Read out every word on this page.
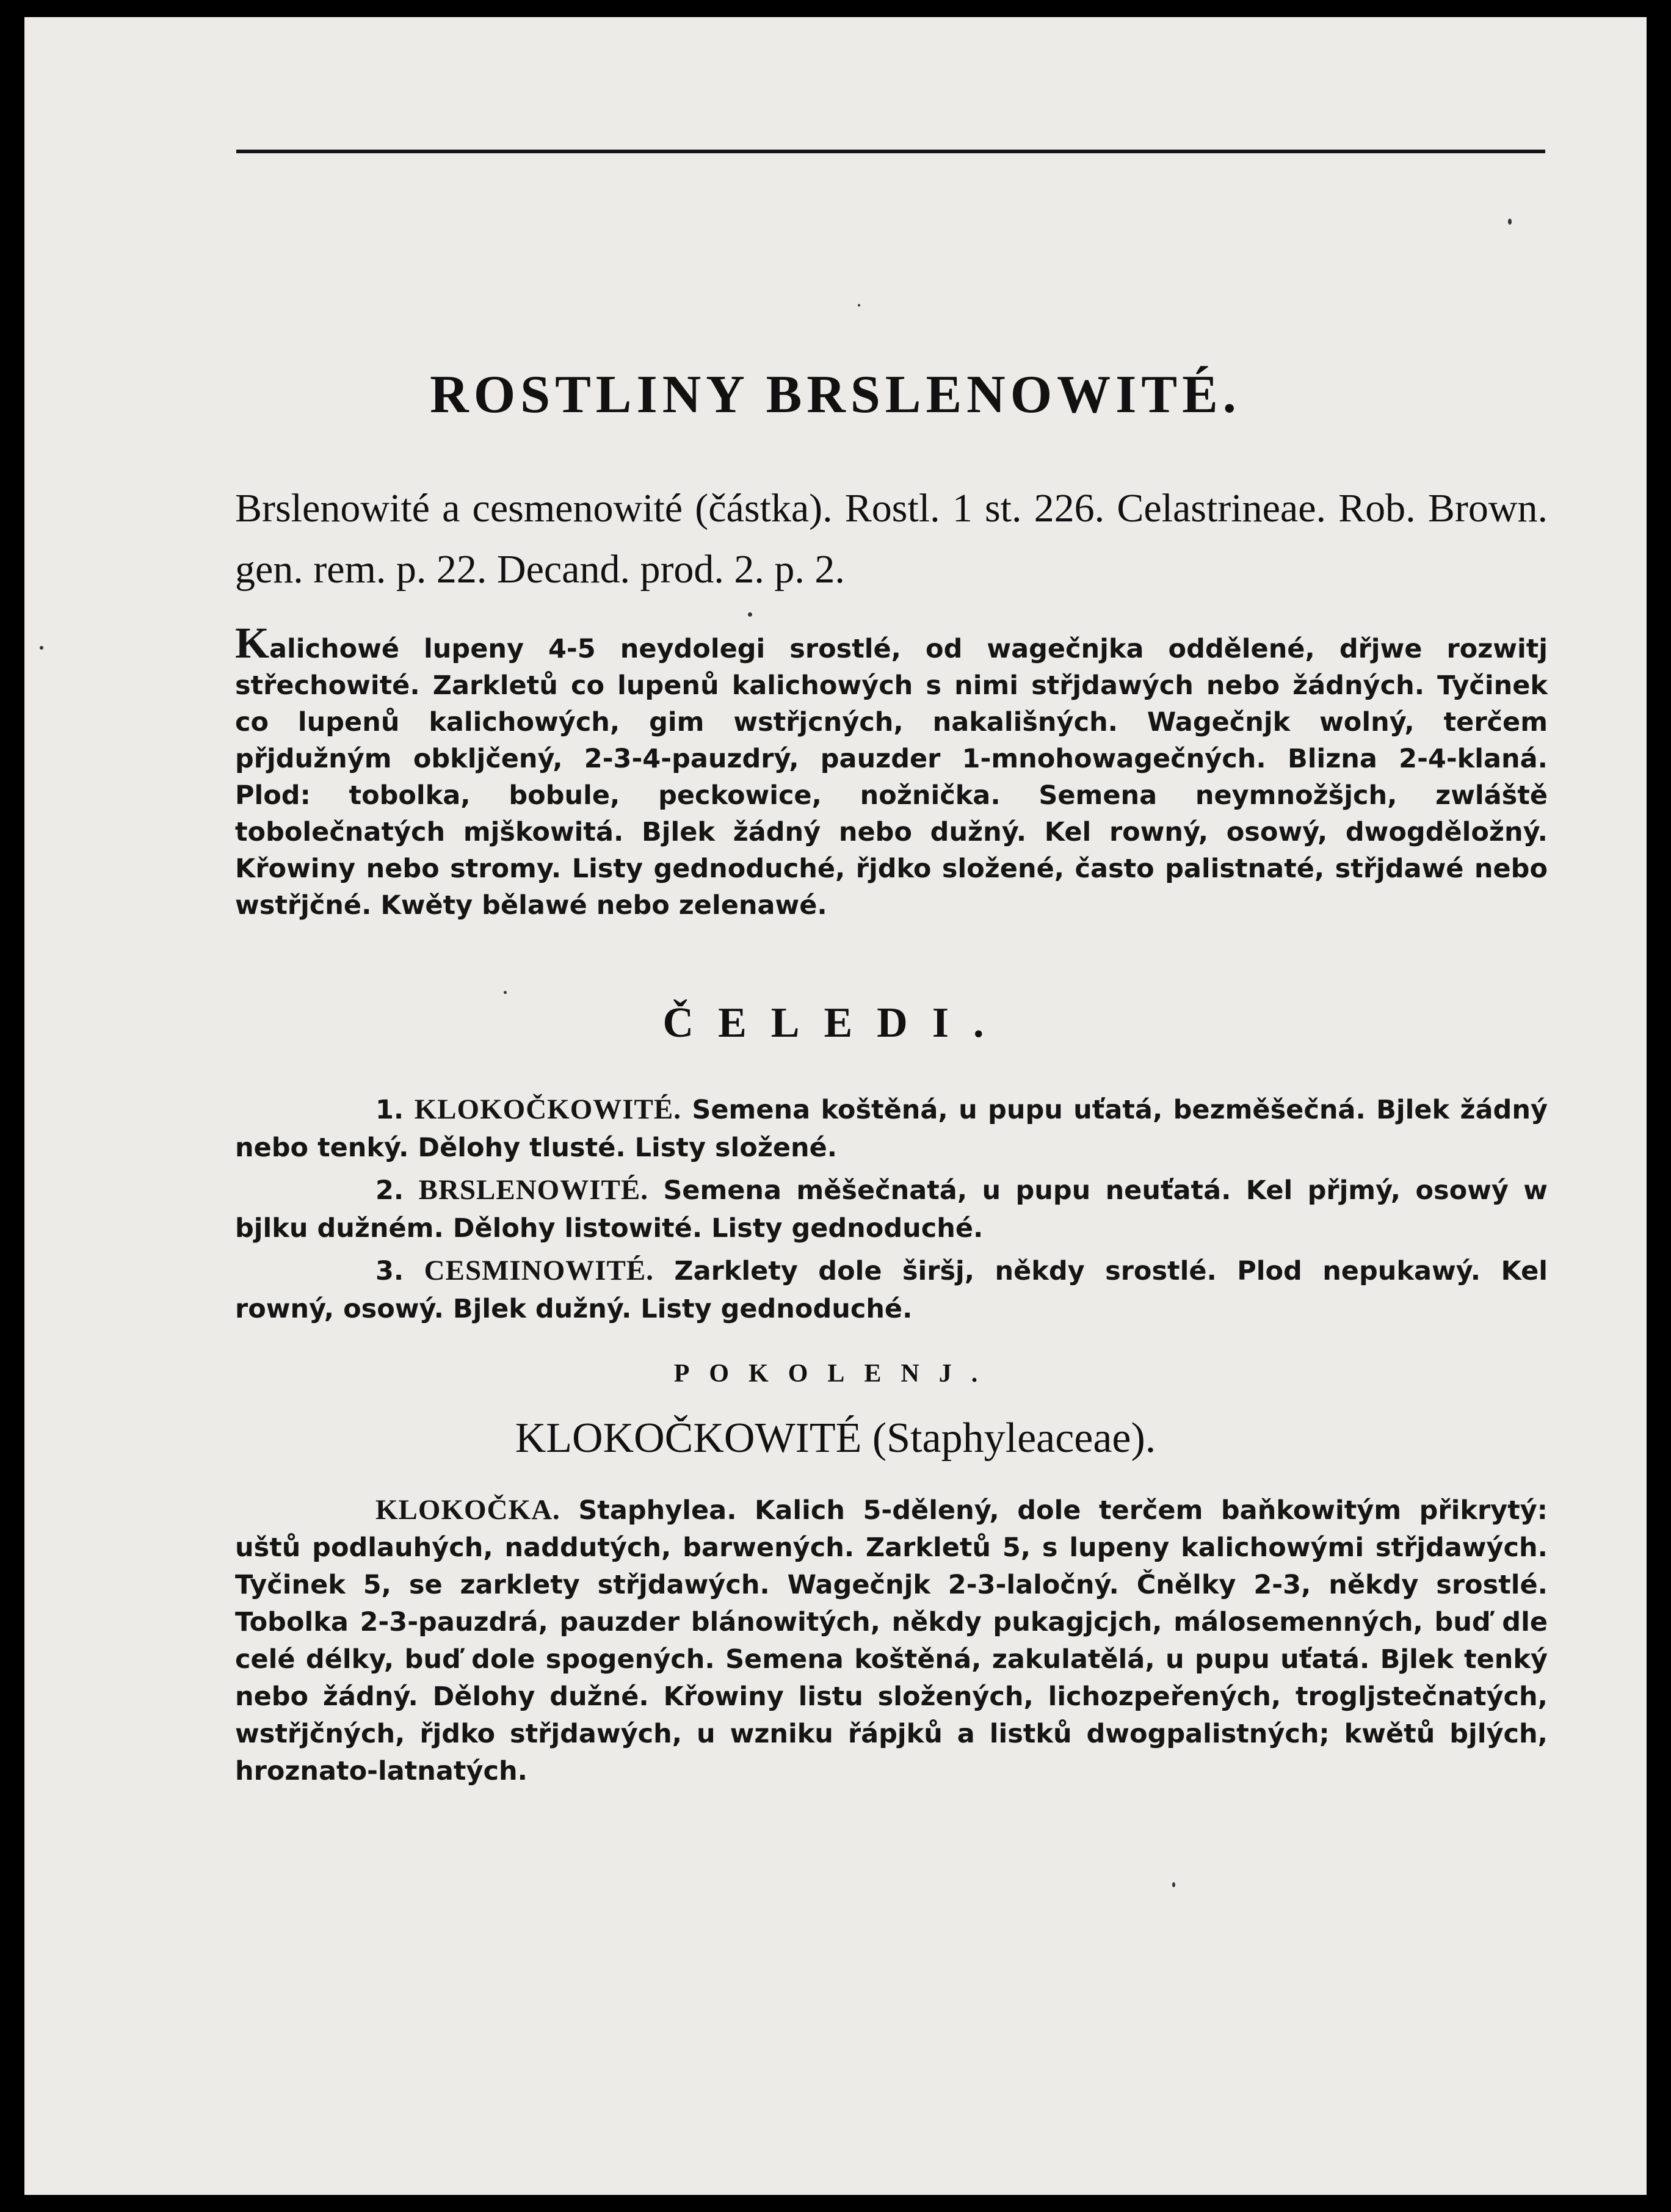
ROSTLINY BRSLENOWITÉ.
Brslenowité a cesmenowité (částka). Rostl. 1 st. 226. Celastrineae. Rob. Brown. gen. rem. p. 22. Decand. prod. 2. p. 2.
Kalichowé lupeny 4-5 neydolegi srostlé, od wagečnjka oddělené, dřjwe rozwitj střechowité. Zarkletů co lupenů kalichowých s nimi střjdawých nebo žádných. Tyčinek co lupenů kalichowých, gim wstřjcných, nakališných. Wagečnjk wolný, terčem přjdužným obkljčený, 2-3-4-pauzdrý, pauzder 1-mnohowagečných. Blizna 2-4-klaná. Plod: tobolka, bobule, peckowice, nožnička. Semena neymnožšjch, zwláště tobolečnatých mjškowitá. Bjlek žádný nebo dužný. Kel rowný, osowý, dwogděložný. Křowiny nebo stromy. Listy gednoduché, řjdko složené, často palistnaté, střjdawé nebo wstřjčné. Kwěty bělawé nebo zelenawé.
ČELEDI.
1. KLOKOČKOWITÉ. Semena koštěná, u pupu uťatá, bezměšečná. Bjlek žádný nebo tenký. Dělohy tlusté. Listy složené.
2. BRSLENOWITÉ. Semena měšečnatá, u pupu neuťatá. Kel přjmý, osowý w bjlku dužném. Dělohy listowité. Listy gednoduché.
3. CESMINOWITÉ. Zarklety dole širšj, někdy srostlé. Plod nepukawý. Kel rowný, osowý. Bjlek dužný. Listy gednoduché.
POKOLENJ.
KLOKOČKOWITÉ (Staphyleaceae).
KLOKOČKA. Staphylea. Kalich 5-dělený, dole terčem baňkowitým přikrytý: uštů podlauhých, naddutých, barwených. Zarkletů 5, s lupeny kalichowými střjdawých. Tyčinek 5, se zarklety střjdawých. Wagečnjk 2-3-laločný. Čnělky 2-3, někdy srostlé. Tobolka 2-3-pauzdrá, pauzder blánowitých, někdy pukagjcjch, málosemenných, buď dle celé délky, buď dole spogených. Semena koštěná, zakulatělá, u pupu uťatá. Bjlek tenký nebo žádný. Dělohy dužné. Křowiny listu složených, lichozpeřených, trogljstečnatých, wstřjčných, řjdko střjdawých, u wzniku řápjků a listků dwogpalistných; kwětů bjlých, hroznato-latnatých.
